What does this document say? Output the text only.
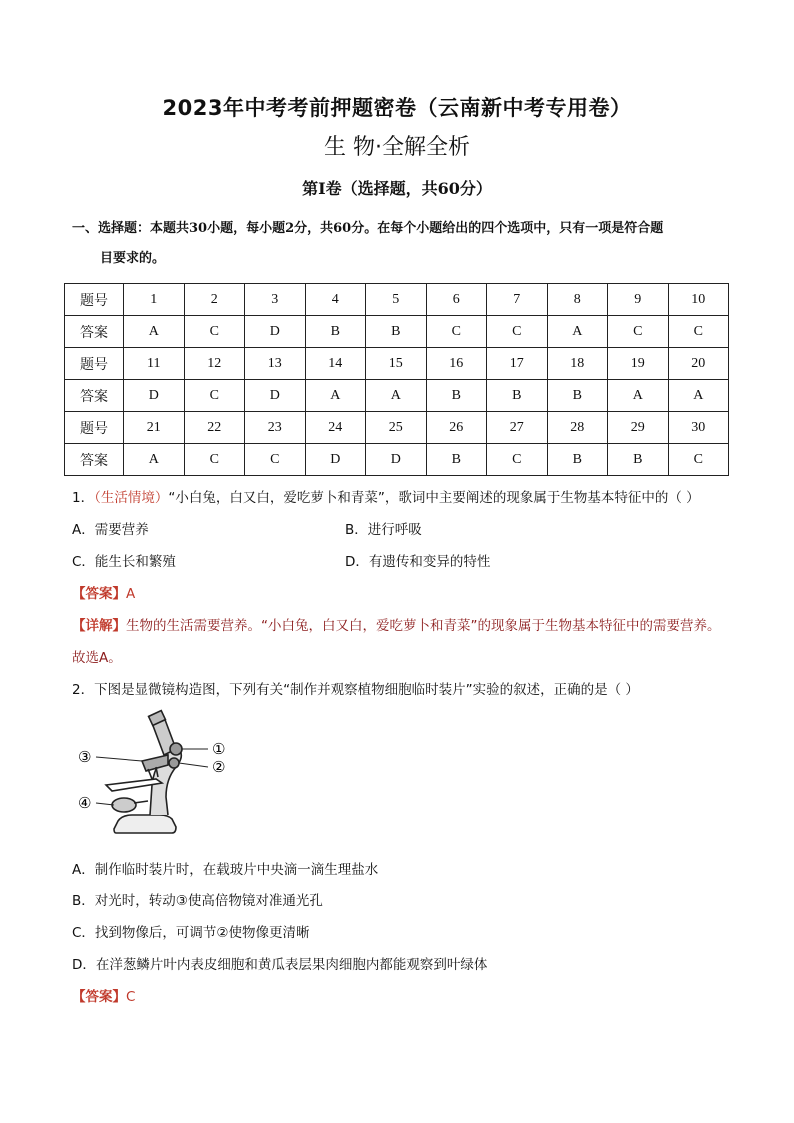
2023年中考考前押题密卷（云南新中考专用卷）
生 物·全解全析
第Ⅰ卷（选择题，共60分）
一、选择题：本题共30小题，每小题2分，共60分。在每个小题给出的四个选项中，只有一项是符合题
目要求的。
题号	1	2	3	4	5	6	7	8	9	10
答案	A	C	D	B	B	C	C	A	C	C
题号	11	12	13	14	15	16	17	18	19	20
答案	D	C	D	A	A	B	B	B	A	A
题号	21	22	23	24	25	26	27	28	29	30
答案	A	C	C	D	D	B	C	B	B	C
1．（生活情境）“小白兔，白又白，爱吃萝卜和青菜”，歌词中主要阐述的现象属于生物基本特征中的（ ）
A．需要营养	B．进行呼吸
C．能生长和繁殖	D．有遗传和变异的特性
【答案】A
【详解】生物的生活需要营养。“小白兔，白又白，爱吃萝卜和青菜”的现象属于生物基本特征中的需要营养。
故选A。
2．下图是显微镜构造图，下列有关“制作并观察植物细胞临时装片”实验的叙述，正确的是（ ）
①
②
③
④
A．制作临时装片时，在载玻片中央滴一滴生理盐水
B．对光时，转动③使高倍物镜对准通光孔
C．找到物像后，可调节②使物像更清晰
D．在洋葱鳞片叶内表皮细胞和黄瓜表层果肉细胞内都能观察到叶绿体
【答案】C
